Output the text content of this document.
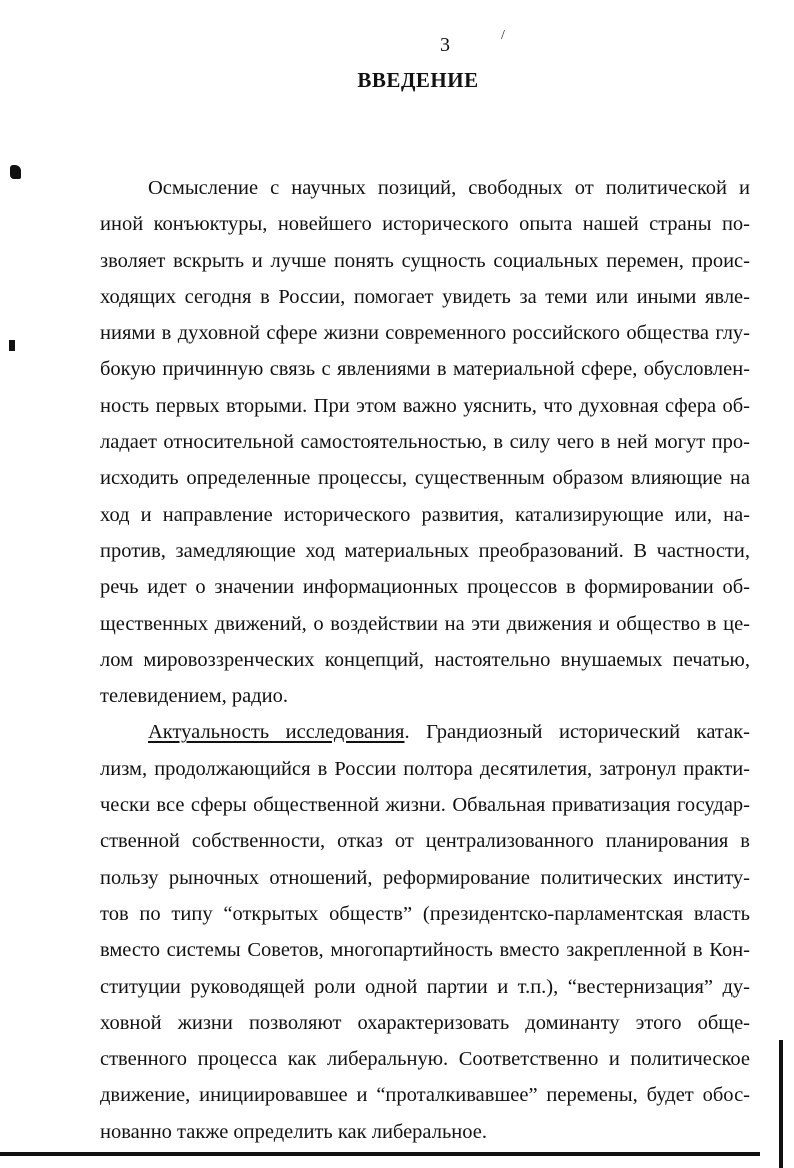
3	/
ВВЕДЕНИЕ
Осмысление с научных позиций, свободных от политической и
иной конъюктуры, новейшего исторического опыта нашей страны по-
зволяет вскрыть и лучше понять сущность социальных перемен, проис-
ходящих сегодня в России, помогает увидеть за теми или иными явле-
ниями в духовной сфере жизни современного российского общества глу-
бокую причинную связь с явлениями в материальной сфере, обусловлен-
ность первых вторыми. При этом важно уяснить, что духовная сфера об-
ладает относительной самостоятельностью, в силу чего в ней могут про-
исходить определенные процессы, существенным образом влияющие на
ход и направление исторического развития, катализирующие или, на-
против, замедляющие ход материальных преобразований. В частности,
речь идет о значении информационных процессов в формировании об-
щественных движений, о воздействии на эти движения и общество в це-
лом мировоззренческих концепций, настоятельно внушаемых печатью,
телевидением, радио.
Актуальность исследования. Грандиозный исторический катак-
лизм, продолжающийся в России полтора десятилетия, затронул практи-
чески все сферы общественной жизни. Обвальная приватизация государ-
ственной собственности, отказ от централизованного планирования в
пользу рыночных отношений, реформирование политических институ-
тов по типу “открытых обществ” (президентско-парламентская власть
вместо системы Советов, многопартийность вместо закрепленной в Кон-
ституции руководящей роли одной партии и т.п.), “вестернизация” ду-
ховной жизни позволяют охарактеризовать доминанту этого обще-
ственного процесса как либеральную. Соответственно и политическое
движение, инициировавшее и “проталкивавшее” перемены, будет обос-
нованно также определить как либеральное.
